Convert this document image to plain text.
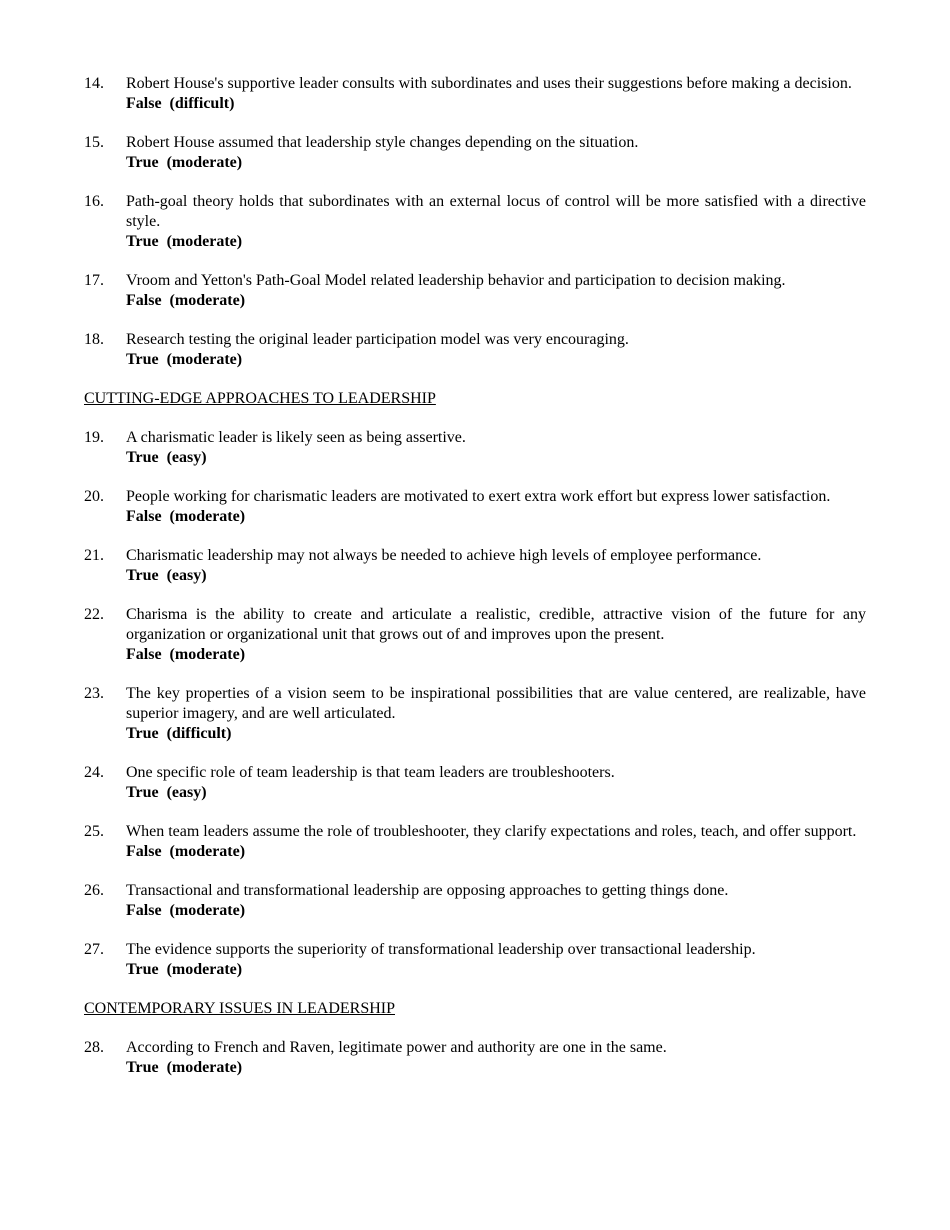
14. Robert House's supportive leader consults with subordinates and uses their suggestions before making a decision.
False  (difficult)
15. Robert House assumed that leadership style changes depending on the situation.
True  (moderate)
16. Path-goal theory holds that subordinates with an external locus of control will be more satisfied with a directive style.
True  (moderate)
17. Vroom and Yetton's Path-Goal Model related leadership behavior and participation to decision making.
False  (moderate)
18. Research testing the original leader participation model was very encouraging.
True  (moderate)
CUTTING-EDGE APPROACHES TO LEADERSHIP
19. A charismatic leader is likely seen as being assertive.
True  (easy)
20. People working for charismatic leaders are motivated to exert extra work effort but express lower satisfaction.
False  (moderate)
21. Charismatic leadership may not always be needed to achieve high levels of employee performance.
True  (easy)
22. Charisma is the ability to create and articulate a realistic, credible, attractive vision of the future for any organization or organizational unit that grows out of and improves upon the present.
False  (moderate)
23. The key properties of a vision seem to be inspirational possibilities that are value centered, are realizable, have superior imagery, and are well articulated.
True  (difficult)
24. One specific role of team leadership is that team leaders are troubleshooters.
True  (easy)
25. When team leaders assume the role of troubleshooter, they clarify expectations and roles, teach, and offer support.
False  (moderate)
26. Transactional and transformational leadership are opposing approaches to getting things done.
False  (moderate)
27. The evidence supports the superiority of transformational leadership over transactional leadership.
True  (moderate)
CONTEMPORARY ISSUES IN LEADERSHIP
28. According to French and Raven, legitimate power and authority are one in the same.
True  (moderate)
